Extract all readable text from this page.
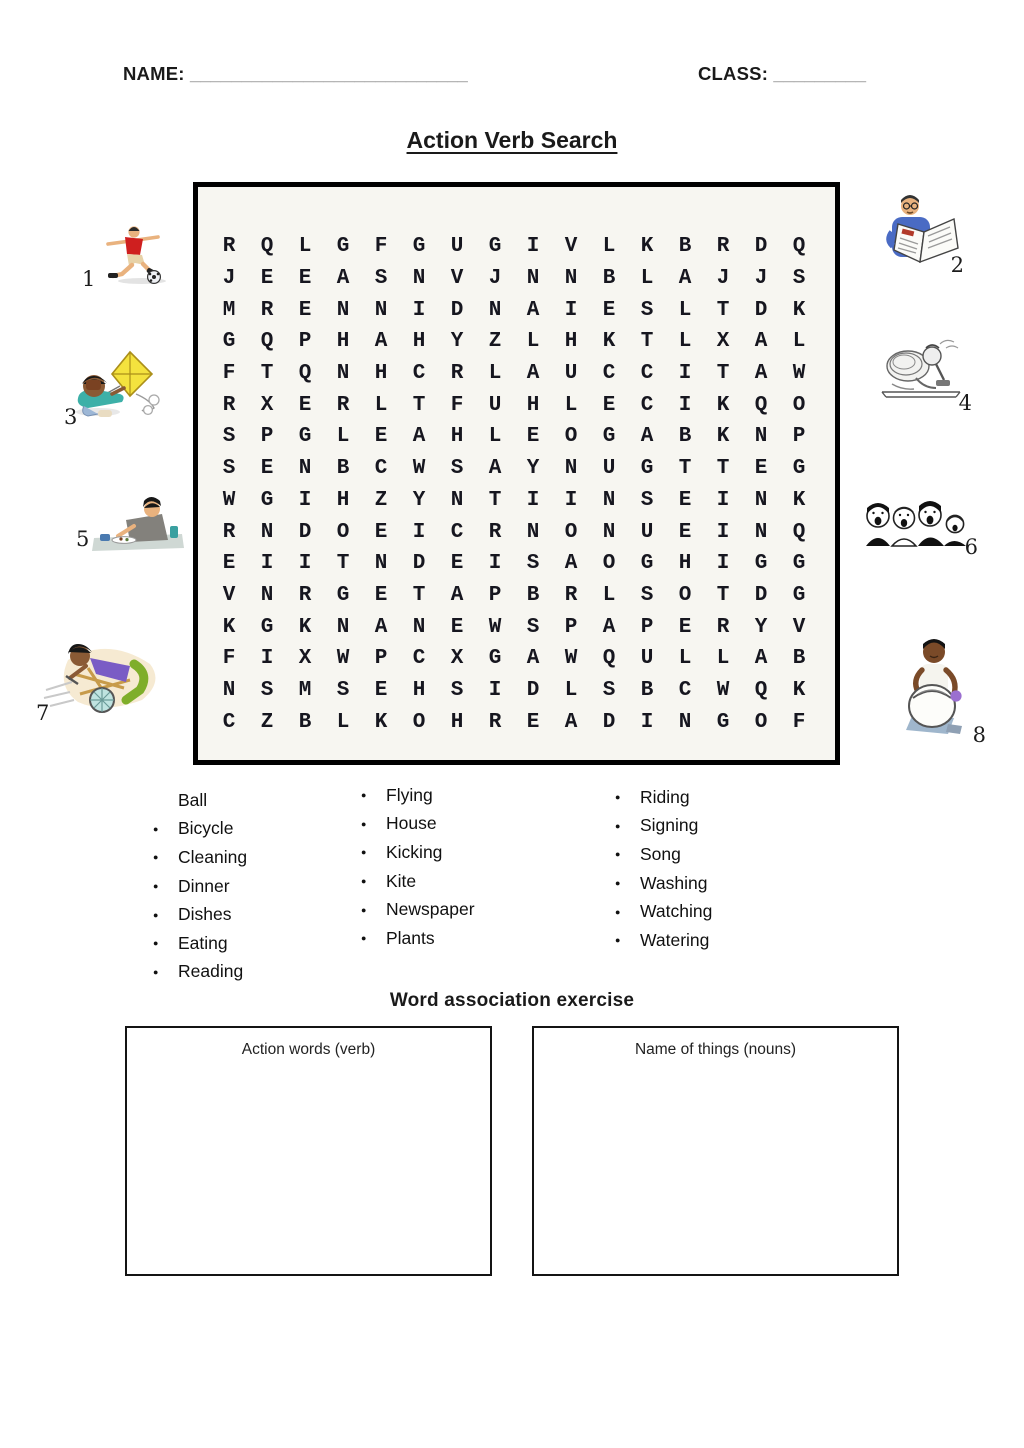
NAME: ___________________________	CLASS: _________
Action Verb Search
R	Q	L	G	F	G	U	G	I	V	L	K	B	R	D	Q
J	E	E	A	S	N	V	J	N	N	B	L	A	J	J	S
M	R	E	N	N	I	D	N	A	I	E	S	L	T	D	K
G	Q	P	H	A	H	Y	Z	L	H	K	T	L	X	A	L
F	T	Q	N	H	C	R	L	A	U	C	C	I	T	A	W
R	X	E	R	L	T	F	U	H	L	E	C	I	K	Q	O
S	P	G	L	E	A	H	L	E	O	G	A	B	K	N	P
S	E	N	B	C	W	S	A	Y	N	U	G	T	T	E	G
W	G	I	H	Z	Y	N	T	I	I	N	S	E	I	N	K
R	N	D	O	E	I	C	R	N	O	N	U	E	I	N	Q
E	I	I	T	N	D	E	I	S	A	O	G	H	I	G	G
V	N	R	G	E	T	A	P	B	R	L	S	O	T	D	G
K	G	K	N	A	N	E	W	S	P	A	P	E	R	Y	V
F	I	X	W	P	C	X	G	A	W	Q	U	L	L	A	B
N	S	M	S	E	H	S	I	D	L	S	B	C	W	Q	K
C	Z	B	L	K	O	H	R	E	A	D	I	N	G	O	F
1
2
3
4
5	6
7
8
Ball
●	Bicycle
●	Cleaning
●	Dinner
●	Dishes
●	Eating
●	Reading
●	Flying
●	House
●	Kicking
●	Kite
●	Newspaper
●	Plants
●	Riding
●	Signing
●	Song
●	Washing
●	Watching
●	Watering
Word association exercise
Action words (verb)	Name of things (nouns)
